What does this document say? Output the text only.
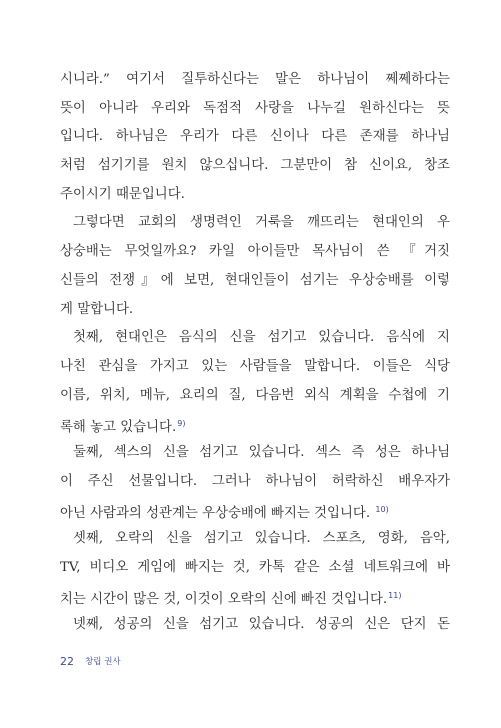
시니라.” 여기서 질투하신다는 말은 하나님이 쩨쩨하다는
뜻이 아니라 우리와 독점적 사랑을 나누길 원하신다는 뜻
입니다. 하나님은 우리가 다른 신이나 다른 존재를 하나님
처럼 섬기기를 원치 않으십니다. 그분만이 참 신이요, 창조
주이시기 때문입니다.
그렇다면 교회의 생명력인 거룩을 깨뜨리는 현대인의 우
상숭배는 무엇일까요? 카일 아이들만 목사님이 쓴 『거짓
신들의 전쟁』에 보면, 현대인들이 섬기는 우상숭배를 이렇
게 말합니다.
첫째, 현대인은 음식의 신을 섬기고 있습니다. 음식에 지
나친 관심을 가지고 있는 사람들을 말합니다. 이들은 식당
이름, 위치, 메뉴, 요리의 질, 다음번 외식 계획을 수첩에 기
록해 놓고 있습니다.$^{9)}$
둘째, 섹스의 신을 섬기고 있습니다. 섹스 즉 성은 하나님
이 주신 선물입니다. 그러나 하나님이 허락하신 배우자가
아닌 사람과의 성관계는 우상숭배에 빠지는 것입니다. $^{10)}$
셋째, 오락의 신을 섬기고 있습니다. 스포츠, 영화, 음악,
TV, 비디오 게임에 빠지는 것, 카톡 같은 소셜 네트워크에 바
치는 시간이 많은 것, 이것이 오락의 신에 빠진 것입니다.$^{11)}$
넷째, 성공의 신을 섬기고 있습니다. 성공의 신은 단지 돈
22 창립 권사
